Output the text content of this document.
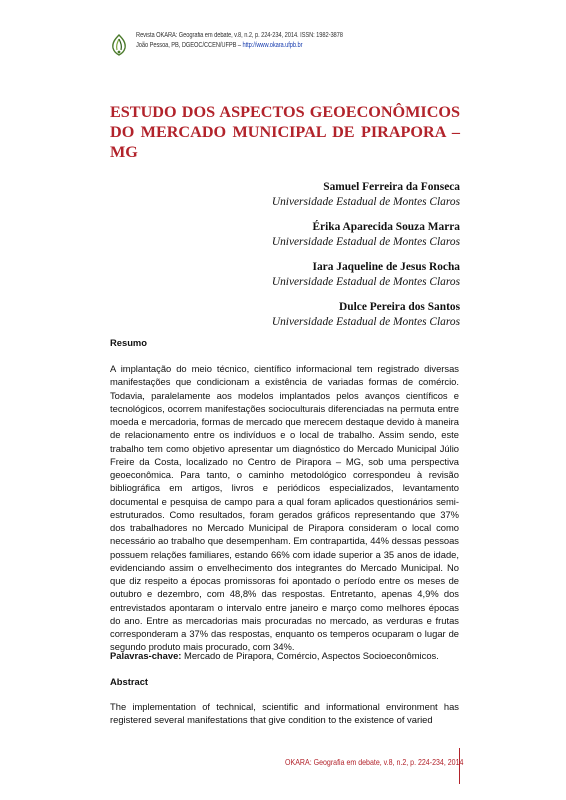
Revista OKARA: Geografia em debate, v.8, n.2, p. 224-234, 2014. ISSN: 1982-3878
João Pessoa, PB, DGEOC/CCEN/UFPB – http://www.okara.ufpb.br
ESTUDO DOS ASPECTOS GEOECONÔMICOS
DO MERCADO MUNICIPAL DE PIRAPORA – MG
Samuel Ferreira da Fonseca
Universidade Estadual de Montes Claros
Érika Aparecida Souza Marra
Universidade Estadual de Montes Claros
Iara Jaqueline de Jesus Rocha
Universidade Estadual de Montes Claros
Dulce Pereira dos Santos
Universidade Estadual de Montes Claros
Resumo

A implantação do meio técnico, científico informacional tem registrado diversas manifestações que condicionam a existência de variadas formas de comércio. Todavia, paralelamente aos modelos implantados pelos avanços científicos e tecnológicos, ocorrem manifestações socioculturais diferenciadas na permuta entre moeda e mercadoria, formas de mercado que merecem destaque devido à maneira de relacionamento entre os indivíduos e o local de trabalho. Assim sendo, este trabalho tem como objetivo apresentar um diagnóstico do Mercado Municipal Júlio Freire da Costa, localizado no Centro de Pirapora – MG, sob uma perspectiva geoeconômica. Para tanto, o caminho metodológico correspondeu à revisão bibliográfica em artigos, livros e periódicos especializados, levantamento documental e pesquisa de campo para a qual foram aplicados questionários semi-estruturados. Como resultados, foram gerados gráficos representando que 37% dos trabalhadores no Mercado Municipal de Pirapora consideram o local como necessário ao trabalho que desempenham. Em contrapartida, 44% dessas pessoas possuem relações familiares, estando 66% com idade superior a 35 anos de idade, evidenciando assim o envelhecimento dos integrantes do Mercado Municipal. No que diz respeito a épocas promissoras foi apontado o período entre os meses de outubro e dezembro, com 48,8% das respostas. Entretanto, apenas 4,9% dos entrevistados apontaram o intervalo entre janeiro e março como melhores épocas do ano. Entre as mercadorias mais procuradas no mercado, as verduras e frutas corresponderam a 37% das respostas, enquanto os temperos ocuparam o lugar de segundo produto mais procurado, com 34%.

Palavras-chave: Mercado de Pirapora, Comércio, Aspectos Socioeconômicos.
Abstract

The implementation of technical, scientific and informational environment has registered several manifestations that give condition to the existence of varied

OKARA: Geografia em debate, v.8, n.2, p. 224-234, 2014
